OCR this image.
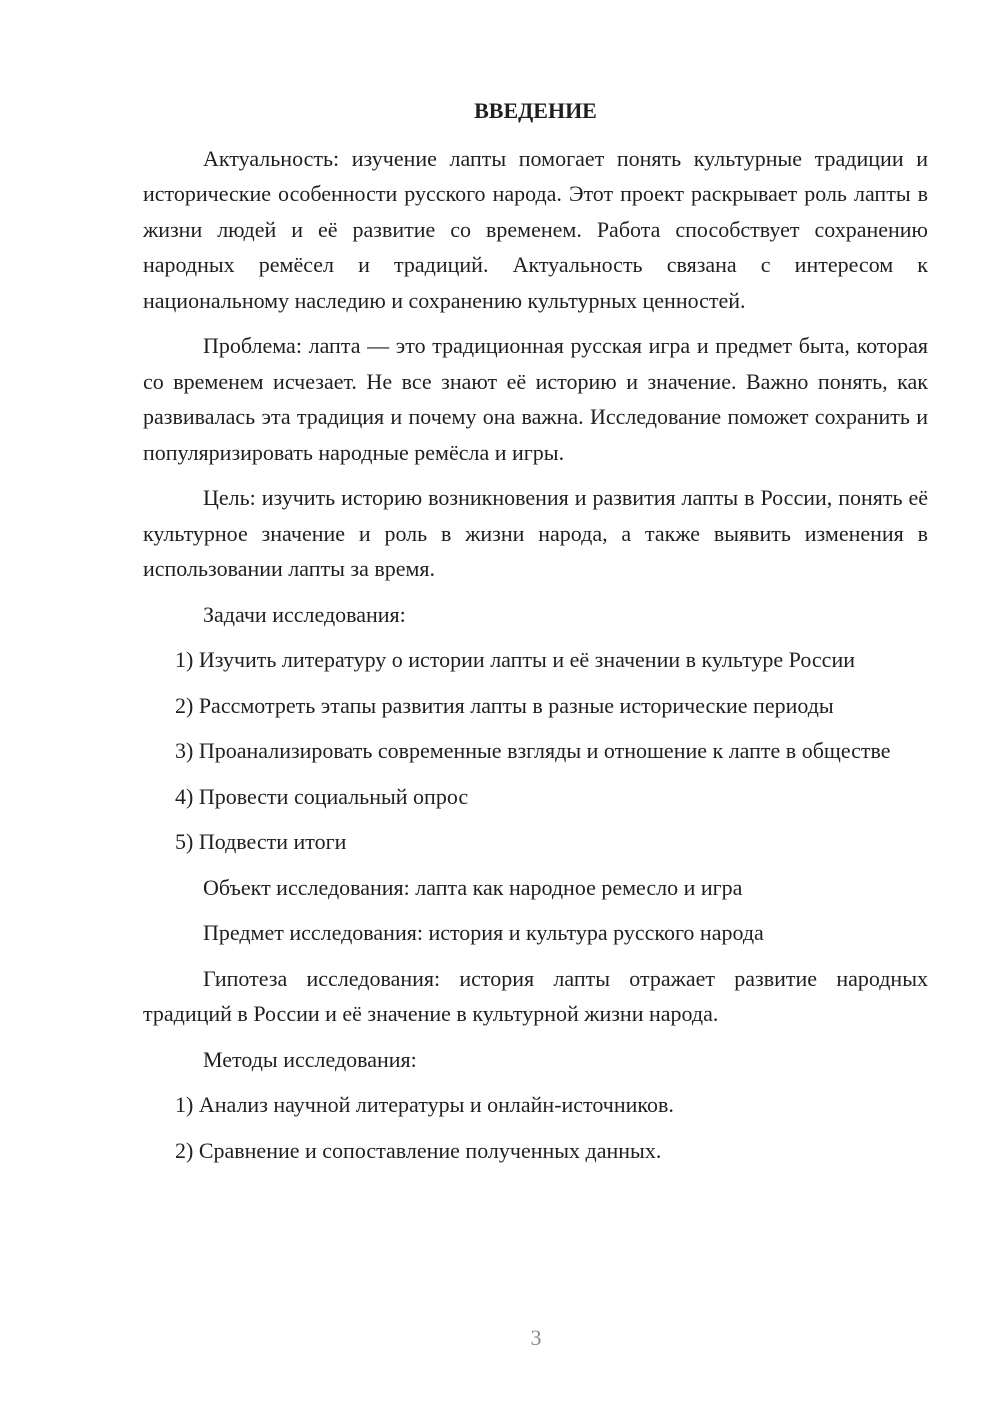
ВВЕДЕНИЕ

Актуальность: изучение лапты помогает понять культурные традиции и исторические особенности русского народа. Этот проект раскрывает роль лапты в жизни людей и её развитие со временем. Работа способствует сохранению народных ремёсел и традиций. Актуальность связана с интересом к национальному наследию и сохранению культурных ценностей.

Проблема: лапта — это традиционная русская игра и предмет быта, которая со временем исчезает. Не все знают её историю и значение. Важно понять, как развивалась эта традиция и почему она важна. Исследование поможет сохранить и популяризировать народные ремёсла и игры.

Цель: изучить историю возникновения и развития лапты в России, понять её культурное значение и роль в жизни народа, а также выявить изменения в использовании лапты за время.

Задачи исследования:

1) Изучить литературу о истории лапты и её значении в культуре России

2) Рассмотреть этапы развития лапты в разные исторические периоды

3) Проанализировать современные взгляды и отношение к лапте в обществе

4) Провести социальный опрос

5) Подвести итоги

Объект исследования: лапта как народное ремесло и игра

Предмет исследования: история и культура русского народа

Гипотеза исследования: история лапты отражает развитие народных традиций в России и её значение в культурной жизни народа.

Методы исследования:

1) Анализ научной литературы и онлайн-источников.

2) Сравнение и сопоставление полученных данных.

3
